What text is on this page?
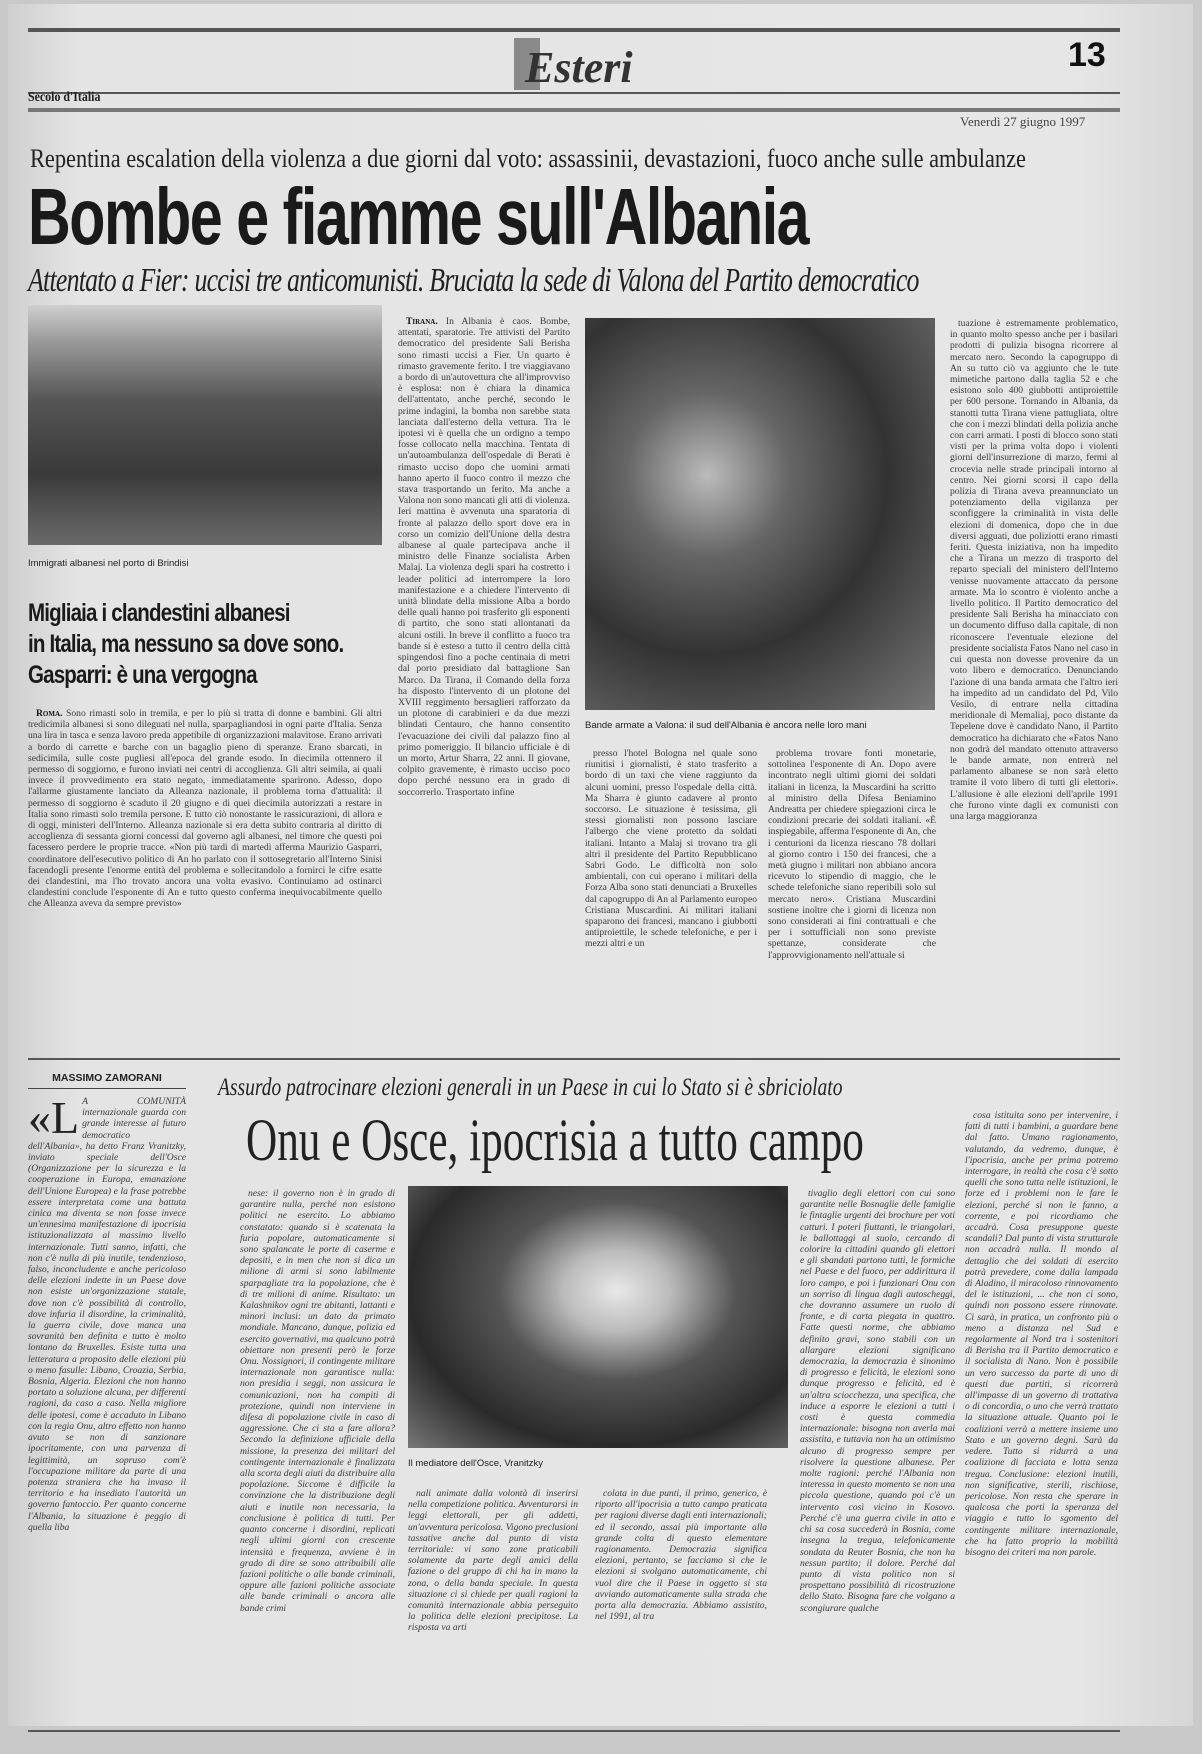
Esteri	13
Secolo d'Italia
Venerdì 27 giugno 1997
Repentina escalation della violenza a due giorni dal voto: assassinii, devastazioni, fuoco anche sulle ambulanze
Bombe e fiamme sull'Albania
Attentato a Fier: uccisi tre anticomunisti. Bruciata la sede di Valona del Partito democratico
Immigrati albanesi nel porto di Brindisi
Migliaia i clandestini albanesi
in Italia, ma nessuno sa dove sono.
Gasparri: è una vergogna

Roma. Sono rimasti solo in tremila, e per lo più si tratta di donne e bambini. Gli altri tredicimila albanesi si sono dileguati nel nulla, sparpagliandosi in ogni parte d'Italia. Senza una lira in tasca e senza lavoro preda appetibile di organizzazioni malavitose. Erano arrivati a bordo di carrette e barche con un bagaglio pieno di speranze. Erano sbarcati, in sedicimila, sulle coste pugliesi all'epoca del grande esodo. In diecimila ottennero il permesso di soggiorno, e furono inviati nei centri di accoglienza. Gli altri seimila, ai quali invece il provvedimento era stato negato, immediatamente sparirono. Adesso, dopo l'allarme giustamente lanciato da Alleanza nazionale, il problema torna d'attualità: il permesso di soggiorno è scaduto il 20 giugno e di quei diecimila autorizzati a restare in Italia sono rimasti solo tremila persone. E tutto ciò nonostante le rassicurazioni, di allora e di oggi, ministeri dell'Interno. Alleanza nazionale si era detta subito contraria al diritto di accoglienza di sessanta giorni concessi dal governo agli albanesi, nel timore che questi poi facessero perdere le proprie tracce. «Non più tardi di martedì afferma Maurizio Gasparri, coordinatore dell'esecutivo politico di An ho parlato con il sottosegretario all'Interno Sinisi facendogli presente l'enorme entità del problema e sollecitandolo a fornirci le cifre esatte dei clandestini, ma l'ho trovato ancora una volta evasivo. Continuiamo ad ostinarci clandestini conclude l'esponente di An e tutto questo conferma inequivocabilmente quello che Alleanza aveva da sempre previsto»

Tirana. In Albania è caos. Bombe, attentati, sparatorie. Tre attivisti del Partito democratico del presidente Sali Berisha sono rimasti uccisi a Fier. Un quarto è rimasto gravemente ferito. I tre viaggiavano a bordo di un'autovettura che all'improvviso è esplosa: non è chiara la dinamica dell'attentato, anche perché, secondo le prime indagini, la bomba non sarebbe stata lanciata dall'esterno della vettura. Tra le ipotesi vi è quella che un ordigno a tempo fosse collocato nella macchina. Tentata di un'autoambulanza dell'ospedale di Berati è rimasto ucciso dopo che uomini armati hanno aperto il fuoco contro il mezzo che stava trasportando un ferito. Ma anche a Valona non sono mancati gli atti di violenza. Ieri mattina è avvenuta una sparatoria di fronte al palazzo dello sport dove era in corso un comizio dell'Unione della destra albanese al quale partecipava anche il ministro delle Finanze socialista Arben Malaj. La violenza degli spari ha costretto i leader politici ad interrompere la loro manifestazione e a chiedere l'intervento di unità blindate della missione Alba a bordo delle quali hanno poi trasferito gli esponenti di partito, che sono stati allontanati da alcuni ostili. In breve il conflitto a fuoco tra bande si è esteso a tutto il centro della città spingendosi fino a poche centinaia di metri dal porto presidiato dal battaglione San Marco. Da Tirana, il Comando della forza ha disposto l'intervento di un plotone del XVIII reggimento bersaglieri rafforzato da un plotone di carabinieri e da due mezzi blindati Centauro, che hanno consentito l'evacuazione dei civili dal palazzo fino al primo pomeriggio. Il bilancio ufficiale è di un morto, Artur Sharra, 22 anni. Il giovane, colpito gravemente, è rimasto ucciso poco dopo perché nessuno era in grado di soccorrerlo. Trasportato infine

Bande armate a Valona: il sud dell'Albania è ancora nelle loro mani

presso l'hotel Bologna nel quale sono riunitisi i giornalisti, è stato trasferito a bordo di un taxi che viene raggiunto da alcuni uomini, presso l'ospedale della città. Ma Sharra è giunto cadavere al pronto soccorso. Le situazione è tesissima, gli stessi giornalisti non possono lasciare l'albergo che viene protetto da soldati italiani. Intanto a Malaj si trovano tra gli altri il presidente del Partito Repubblicano Sabri Godo. Le difficoltà non solo ambientali, con cui operano i militari della Forza Alba sono stati denunciati a Bruxelles dal capogruppo di An al Parlamento europeo Cristiana Muscardini. Ai militari italiani spaparono dei francesi, mancano i giubbotti antiproiettile, le schede telefoniche, e per i mezzi altri e un

problema trovare fonti monetarie, sottolinea l'esponente di An. Dopo avere incontrato negli ultimi giorni dei soldati italiani in licenza, la Muscardini ha scritto al ministro della Difesa Beniamino Andreatta per chiedere spiegazioni circa le condizioni precarie dei soldati italiani. «È inspiegabile, afferma l'esponente di An, che i centurioni da licenza riescano 78 dollari al giorno contro i 150 dei francesi, che a metà giugno i militari non abbiano ancora ricevuto lo stipendio di maggio, che le schede telefoniche siano reperibili solo sul mercato nero». Cristiana Muscardini sostiene inoltre che i giorni di licenza non sono considerati ai fini contrattuali e che per i sottufficiali non sono previste spettanze, considerate che l'approvvigionamento nell'attuale si

tuazione è estremamente problematico, in quanto molto spesso anche per i basilari prodotti di pulizia bisogna ricorrere al mercato nero. Secondo la capogruppo di An su tutto ciò va aggiunto che le tute mimetiche partono dalla taglia 52 e che esistono solo 400 giubbotti antiproiettile per 600 persone. Tornando in Albania, da stanotti tutta Tirana viene pattugliata, oltre che con i mezzi blindati della polizia anche con carri armati. I posti di blocco sono stati visti per la prima volta dopo i violenti giorni dell'insurrezione di marzo, fermi al crocevia nelle strade principali intorno al centro. Nei giorni scorsi il capo della polizia di Tirana aveva preannunciato un potenziamento della vigilanza per sconfiggere la criminalità in vista delle elezioni di domenica, dopo che in due diversi agguati, due poliziotti erano rimasti feriti. Questa iniziativa, non ha impedito che a Tirana un mezzo di trasporto del reparto speciali del ministero dell'Interno venisse nuovamente attaccato da persone armate. Ma lo scontro è violento anche a livello politico. Il Partito democratico del presidente Sali Berisha ha minacciato con un documento diffuso dalla capitale, di non riconoscere l'eventuale elezione del presidente socialista Fatos Nano nel caso in cui questa non dovesse provenire da un voto libero e democratico. Denunciando l'azione di una banda armata che l'altro ieri ha impedito ad un candidato del Pd, Vilo Vesilo, di entrare nella cittadina meridionale di Memaliaj, poco distante da Tepelene dove è candidato Nano, il Partito democratico ha dichiarato che «Fatos Nano non godrà del mandato ottenuto attraverso le bande armate, non entrerà nel parlamento albanese se non sarà eletto tramite il voto libero di tutti gli elettori». L'allusione è alle elezioni dell'aprile 1991 che furono vinte dagli ex comunisti con una larga maggioranza

MASSIMO ZAMORANI

«L A COMUNITÀ internazionale guarda con grande interesse al futuro democratico dell'Albania», ha detto Franz Vranitzky, inviato speciale dell'Osce (Organizzazione per la sicurezza e la cooperazione in Europa, emanazione dell'Unione Europea) e la frase potrebbe essere interpretata come una battuta cinica ma diventa se non fosse invece un'ennesima manifestazione di ipocrisia istituzionalizzata al massimo livello internazionale. Tutti sanno, infatti, che non c'è nulla di più inutile, tendenzioso, falso, inconcludente e anche pericoloso delle elezioni indette in un Paese dove non esiste un'organizzazione statale, dove non c'è possibilità di controllo, dove infuria il disordine, la criminalità, la guerra civile, dove manca una sovranità ben definita e tutto è molto lontano da Bruxelles. Esiste tutta una letteratura a proposito delle elezioni più o meno fasulle: Libano, Croazia, Serbia, Bosnia, Algeria. Elezioni che non hanno portato a soluzione alcuna, per differenti ragioni, da caso a caso. Nella migliore delle ipotesi, come è accaduto in Libano con la regia Onu, altro effetto non hanno avuto se non di sanzionare ipocritamente, con una parvenza di legittimità, un sopruso com'è l'occupazione militare da parte di una potenza straniera che ha invaso il territorio e ha insediato l'autorità un governo fantoccio. Per quanto concerne l'Albania, la situazione è peggio di quella liba

Assurdo patrocinare elezioni generali in un Paese in cui lo Stato si è sbriciolato
Onu e Osce, ipocrisia a tutto campo

nese: il governo non è in grado di garantire nulla, perché non esistono politici ne esercito. Lo abbiamo constatato: quando si è scatenata la furia popolare, automaticamente si sono spalancate le porte di caserme e depositi, e in men che non si dica un milione di armi si sono labilmente sparpagliate tra la popolazione, che è di tre milioni di anime. Risultato: un Kalashnikov ogni tre abitanti, lattanti e minori inclusi: un dato da primato mondiale. Mancano, dunque, polizia ed esercito governativi, ma qualcuno potrà obiettare non presenti però le forze Onu. Nossignori, il contingente militare internazionale non garantisce nulla: non presidia i seggi, non assicura le comunicazioni, non ha compiti di protezione, quindi non interviene in difesa di popolazione civile in caso di aggressione. Che ci sta a fare allora? Secondo la definizione ufficiale della missione, la presenza dei militari del contingente internazionale è finalizzata alla scorta degli aiuti da distribuire alla popolazione. Siccome è difficile la convinzione che la distribuzione degli aiuti e inutile non necessaria, la conclusione è politica di tutti. Per quanto concerne i disordini, replicati negli ultimi giorni con crescente intensità e frequenza, avviene è in grado di dire se sono attribuibili alle fazioni politiche o alle bande criminali, oppure alle fazioni politiche associate alle bande criminali o ancora alle bande crimi

Il mediatore dell'Osce, Vranitzky

nali animate dalla volontà di inserirsi nella competizione politica. Avventurarsi in leggi elettorali, per gli addetti, un'avventura pericolosa. Vigono preclusioni tassative anche dal punto di vista territoriale: vi sono zone praticabili solamente da parte degli amici della fazione o del gruppo di chi ha in mano la zona, o della banda speciale. In questa situazione ci si chiede per quali ragioni la comunità internazionale abbia perseguito la politica delle elezioni precipitose. La risposta va arti

colata in due punti, il primo, generico, è riporto all'ipocrisia a tutto campo praticata per ragioni diverse dagli enti internazionali; ed il secondo, assai più importante alla grande colta di questo elementare ragionamento. Democrazia significa elezioni, pertanto, se facciamo sì che le elezioni si svolgano automaticamente, chi vuol dire che il Paese in oggetto si sta avviando automaticamente sulla strada che porta alla democrazia. Abbiamo assistito, nel 1991, al tra

tivaglio degli elettori con cui sono garantite nelle Bosnaglie delle famiglie le fintaglie urgenti dei brochure per voti catturi. I poteri fiuttanti, le triangolari, le ballottaggi al suolo, cercando di colorire la cittadini quando gli elettori e gli sbandati partono tutti, le formiche nel Paese e del fuoco, per addirittura il loro campo, e poi i funzionari Onu con un sorriso di lingua dagli autoscheggi, che dovranno assumere un ruolo di fronte, e di carta piegata in quattro. Fatte questi norme, che abbiamo definito gravi, sono stabili con un allargare elezioni significano democrazia, la democrazia è sinonimo di progresso e felicità, le elezioni sono dunque progresso e felicità, ed è un'altra sciocchezza, una specifica, che induce a esporre le elezioni a tutti i costi è questa commedia internazionale: bisogna non averla mai assistita, e tuttavia non ha un ottimismo alcuno di progresso sempre per risolvere la questione albanese. Per molte ragioni: perché l'Albania non interessa in questo momento se non una piccola questione, quando poi c'è un intervento così vicino in Kosovo. Perché c'è una guerra civile in atto e chi sa cosa succederà in Bosnia, come insegna la tregua, telefonicamente sondata da Reuter Bosnia, che non ha nessun partito; il dolore. Perché dal punto di vista politico non si prospettano possibilità di ricostruzione dello Stato. Bisogna fare che volgano a scongiurare qualche

cosa istituita sono per intervenire, i fatti di tutti i bambini, a guardare bene dal fatto. Umano ragionamento, valutando, da vedremo, dunque, è l'ipocrisia, anche per prima potremo interrogare, in realtà che cosa c'è sotto quelli che sono tutta nelle istituzioni, le forze ed i problemi non le fare le elezioni, perché si non le fanno, a corrente, e poi ricordiamo che accadrà. Cosa presuppone queste scandali? Dal punto di vista strutturale non accadrà nulla. Il mondo al dettaglio che dei soldati di esercito potrà prevedere, come dalla lampada di Aladino, il miracoloso rinnovamento del le istituzioni, ... che non ci sono, quindi non possono essere rinnovate. Ci sarà, in pratica, un confronto più o meno a distanza nel Sud e regolarmente al Nord tra i sostenitori di Berisha tra il Partito democratico e il socialista di Nano. Non è possibile un vero successo da parte di uno di questi due partiti, si ricorrerà all'impasse di un governo di trattativa o di concordia, o uno che verrà trattato la situazione attuale. Quanto poi le coalizioni verrà a mettere insieme uno Stato e un governo degni. Sarà da vedere. Tutto si ridurrà a una coalizione di facciata e lotta senza tregua. Conclusione: elezioni inutili, non significative, sterili, rischiose, pericolose. Non resta che sperare in qualcosa che porti la speranza del viaggio e tutto lo sgomento del contingente militare internazionale, che ha fatto proprio la mobilità bisogno dei criteri ma non parole.
